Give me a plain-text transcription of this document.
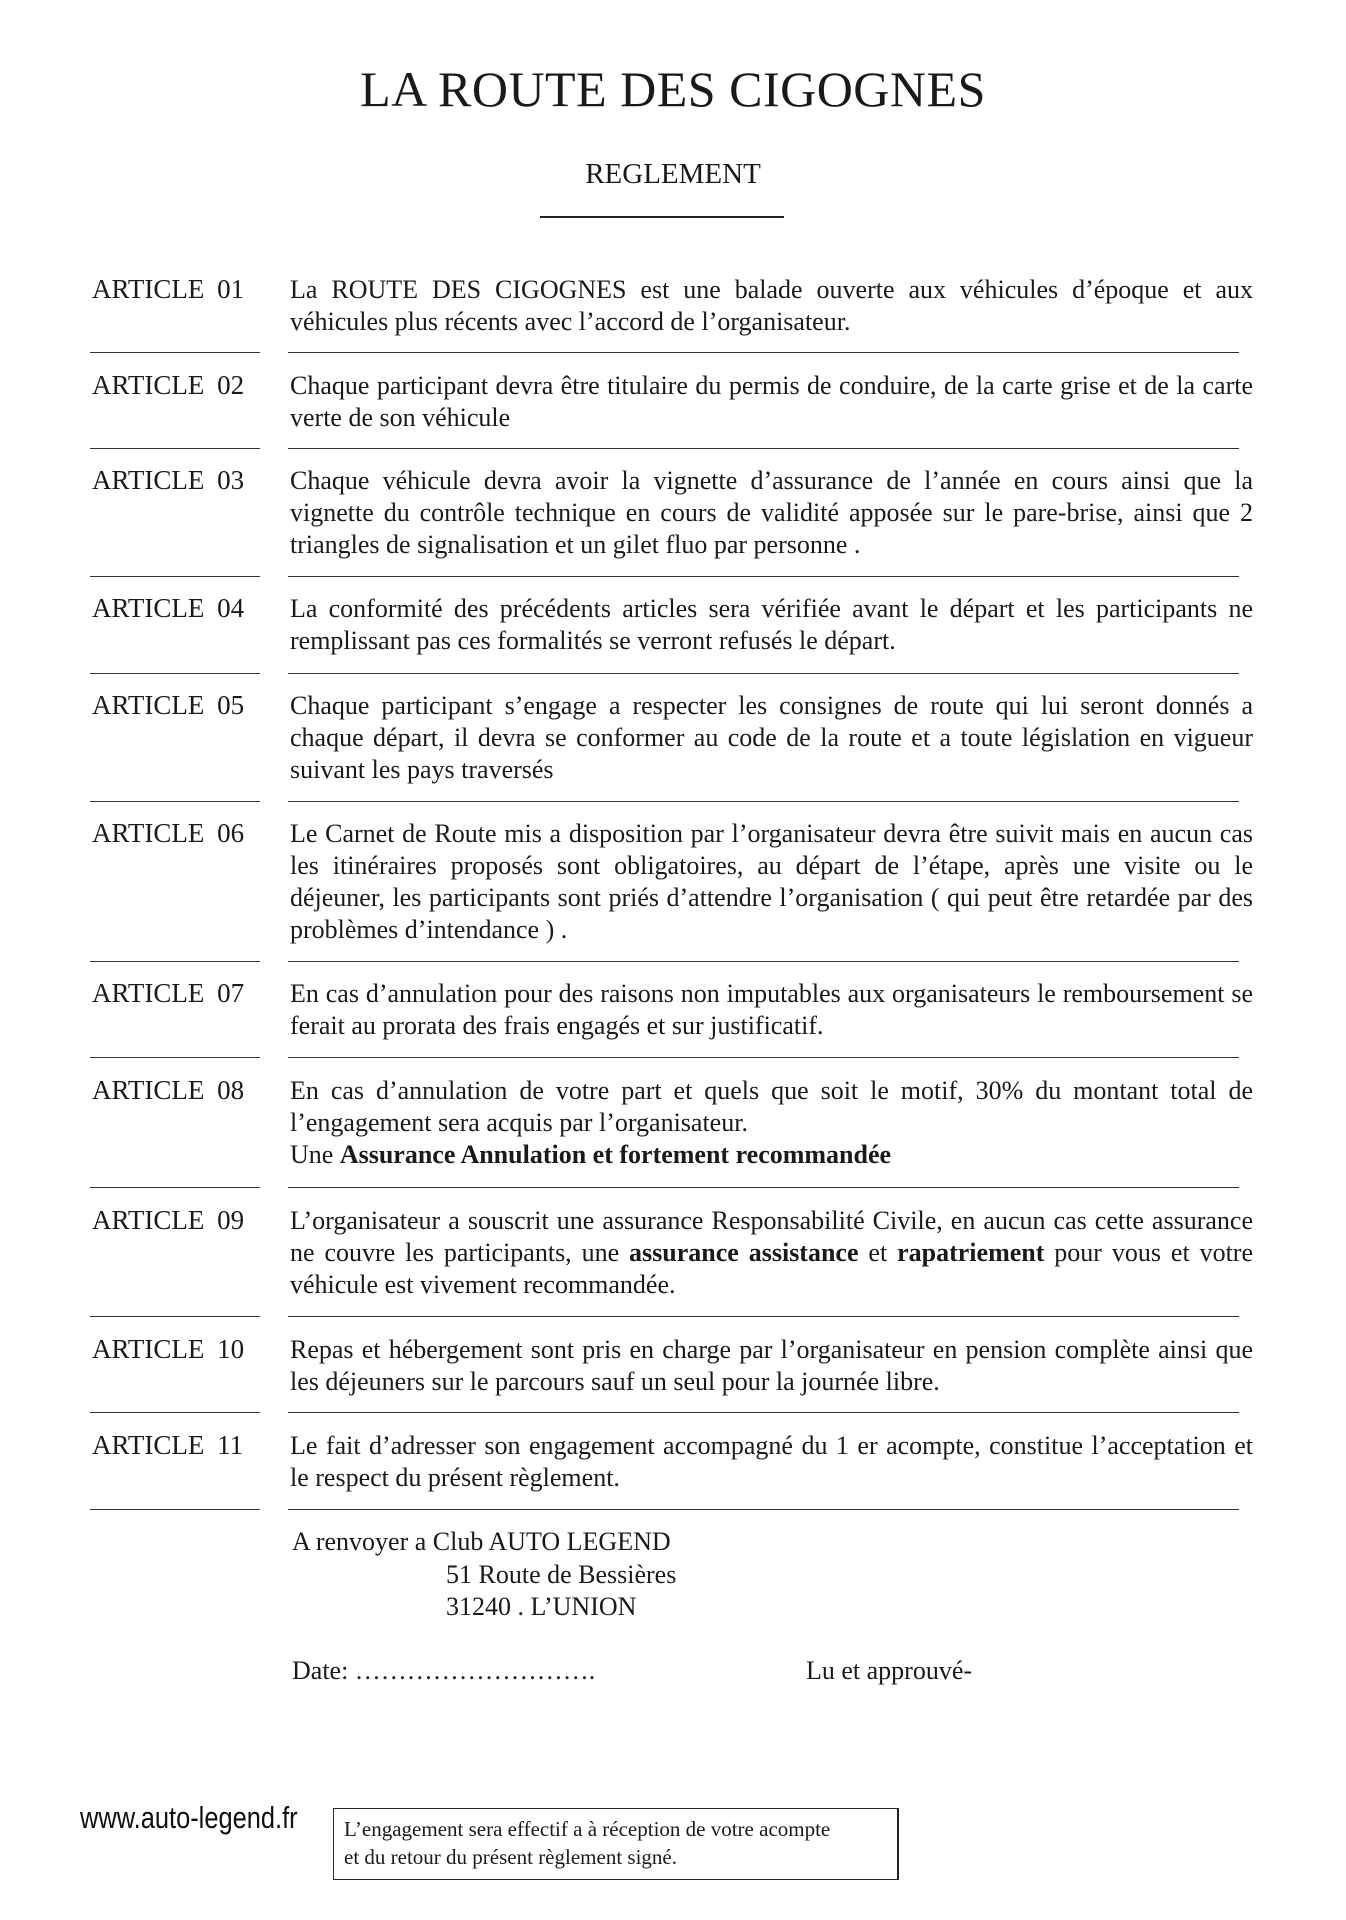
LA ROUTE DES CIGOGNES
REGLEMENT
ARTICLE 01 La ROUTE DES CIGOGNES est une balade ouverte aux véhicules d’époque et aux véhicules plus récents avec l’accord de l’organisateur.
ARTICLE 02 Chaque participant devra être titulaire du permis de conduire, de la carte grise et de la carte verte de son véhicule
ARTICLE 03 Chaque véhicule devra avoir la vignette d’assurance de l’année en cours ainsi que la vignette du contrôle technique en cours de validité apposée sur le pare-brise, ainsi que 2 triangles de signalisation et un gilet fluo par personne .
ARTICLE 04 La conformité des précédents articles sera vérifiée avant le départ et les participants ne remplissant pas ces formalités se verront refusés le départ.
ARTICLE 05 Chaque participant s’engage a respecter les consignes de route qui lui seront donnés a chaque départ, il devra se conformer au code de la route et a toute législation en vigueur suivant les pays traversés
ARTICLE 06 Le Carnet de Route mis a disposition par l’organisateur devra être suivit mais en aucun cas les itinéraires proposés sont obligatoires, au départ de l’étape, après une visite ou le déjeuner, les participants sont priés d’attendre l’organisation ( qui peut être retardée par des problèmes d’intendance ) .
ARTICLE 07 En cas d’annulation pour des raisons non imputables aux organisateurs le remboursement se ferait au prorata des frais engagés et sur justificatif.
ARTICLE 08 En cas d’annulation de votre part et quels que soit le motif, 30% du montant total de l’engagement sera acquis par l’organisateur.
Une Assurance Annulation et fortement recommandée
ARTICLE 09 L’organisateur a souscrit une assurance Responsabilité Civile, en aucun cas cette assurance ne couvre les participants, une assurance assistance et rapatriement pour vous et votre véhicule est vivement recommandée.
ARTICLE 10 Repas et hébergement sont pris en charge par l’organisateur en pension complète ainsi que les déjeuners sur le parcours sauf un seul pour la journée libre.
ARTICLE 11 Le fait d’adresser son engagement accompagné du 1 er acompte, constitue l’acceptation et le respect du présent règlement.
A renvoyer a Club AUTO LEGEND
51 Route de Bessières
31240 . L’UNION
Date: ……………………….	Lu et approuvé-
www.auto-legend.fr L’engagement sera effectif a à réception de votre acompte
et du retour du présent règlement signé.
